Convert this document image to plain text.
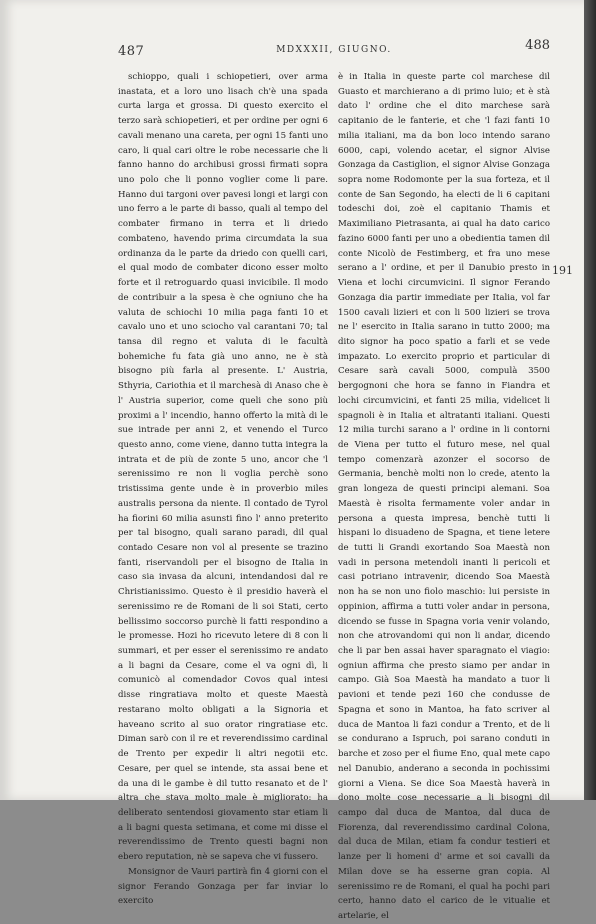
487	MDXXXII, GIUGNO.	488

schioppo, quali i schiopetieri, over arma inastata, et a loro uno lisach ch'è una spada curta larga et grossa. Di questo exercito el terzo sarà schiopetieri, et per ordine per ogni 6 cavali menano una careta, per ogni 15 fanti uno caro, li qual cari oltre le robe necessarie che li fanno hanno do archibusi grossi firmati sopra uno polo che li ponno voglier come li pare. Hanno dui targoni over pavesi longi et largi con uno ferro a le parte di basso, quali al tempo del combater firmano in terra et li driedo combateno, havendo prima circumdata la sua ordinanza da le parte da driedo con quelli cari, el qual modo de combater dicono esser molto forte et il retroguardo quasi invicibile. Il modo de contribuir a la spesa è che ogniuno che ha valuta de schiochi 10 milia paga fanti 10 et cavalo uno et uno sciocho val carantani 70; tal tansa dil regno et valuta di le facultà bohemiche fu fata già uno anno, ne è stà bisogno più farla al presente. L' Austria, Sthyria, Cariothia et il marchesà di Anaso che è l' Austria superior, come queli che sono più proximi a l' incendio, hanno offerto la mità di le sue intrade per anni 2, et venendo el Turco questo anno, come viene, danno tutta integra la intrata et de più de zonte 5 uno, ancor che 'l serenissimo re non li voglia perchè sono tristissima gente unde è in proverbio miles australis persona da niente. Il contado de Tyrol ha fiorini 60 milia asunsti fino l' anno preterito per tal bisogno, quali sarano paradi, dil qual contado Cesare non vol al presente se trazino fanti, riservandoli per el bisogno de Italia in caso sia invasa da alcuni, intendandosi dal re Christianissimo. Questo è il presidio haverà el serenissimo re de Romani de li soi Stati, certo bellissimo soccorso purchè li fatti respondino a le promesse. Hozi ho ricevuto letere di 8 con li summari, et per esser el serenissimo re andato a li bagni da Cesare, come el va ogni dì, li comunicò al comendador Covos qual intesi disse ringratiava molto et queste Maestà restarano molto obligati a la Signoria et haveano scrito al suo orator ringratiase etc. Diman sarò con il re et reverendissimo cardinal de Trento per expedir li altri negotii etc. Cesare, per quel se intende, sta assai bene et da una di le gambe è dil tutto resanato et de l' altra che stava molto male è miglioratо: ha deliberato sentendosi giovamento star etiam li a li bagni questa setimana, et come mi disse el reverendissimo de Trento questi bagni non ebero reputation, nè se sapeva che vi fussero.

Monsignor de Vauri partirà fin 4 giorni con el signor Ferando Gonzaga per far inviar lo exercito

è in Italia in queste parte col marchese dil Guasto et marchierano a di primo luio; et è stà dato l' ordine che el dito marchese sarà capitanio de le fanterie, et che 'l fazi fanti 10 milia italiani, ma da bon loco intendo sarano 6000, capi, volendo acetar, el signor Alvise Gonzaga da Castiglion, el signor Alvise Gonzaga sopra nome Rodomonte per la sua forteza, et il conte de San Segondo, ha electi de li 6 capitani todeschi doi, zoè el capitanio Thamis et Maximiliano Pietrasanta, ai qual ha dato carico fazino 6000 fanti per uno a obedientia tamen dil conte Nicolò de Festimberg, et fra uno mese serano a l' ordine, et per il Danubio presto in Viena et lochi circumvicini. Il signor Ferando Gonzaga dia partir immediate per Italia, vol far 1500 cavali lizieri et con li 500 lizieri se trova ne l' esercito in Italia sarano in tutto 2000; ma dito signor ha poco spatio a farli et se vede impazato. Lo exercito proprio et particular di Cesare sarà cavali 5000, compulà 3500 bergognoni che hora se fanno in Fiandra et lochi circumvicini, et fanti 25 milia, videlicet li spagnoli è in Italia et altratanti italiani. Questi 12 milia turchi sarano a l' ordine in li contorni de Viena per tutto el futuro mese, nel qual tempo comenzarà azonzer el socorso de Germania, benchè molti non lo crede, atento la gran longeza de questi principi alemani. Soa Maestà è risolta fermamente voler andar in persona a questa impresa, benchè tutti li hispani lo disuadeno de Spagna, et tiene letere de tutti li Grandi exortando Soa Maestà non vadi in persona metendoli inanti li pericoli et casi potriano intravenir, dicendo Soa Maestà non ha se non uno fiolo maschio: lui persiste in oppinion, affirma a tutti voler andar in persona, dicendo se fusse in Spagna voria venir volando, non che atrovandomi qui non li andar, dicendo che li par ben assai haver sparagnato el viagio: ogniun affirma che presto siamo per andar in campo. Già Soa Maestà ha mandato a tuor li pavioni et tende pezi 160 che condusse de Spagna et sono in Mantoa, ha fato scriver al duca de Mantoa li fazi condur a Trento, et de li se conduranо a Ispruch, poi sarano conduti in barche et zoso per el fiume Eno, qual mete capo nel Danubio, anderano a seconda in pochissimi giorni a Viena. Se dice Soa Maestà haverà in dono molte cose necessarie a li bisogni dil campo dal duca de Mantoa, dal duca de Fiorenza, dal reverendissimo cardinal Colona, dal duca de Milan, etiam fa condur testieri et lanze per li homeni d' arme et soi cavalli da Milan dove se ha esserne gran copia. Al serenissimo re de Romani, el qual ha pochi pari certo, hanno dato el carico de le vitualie et artelarie, el

191
